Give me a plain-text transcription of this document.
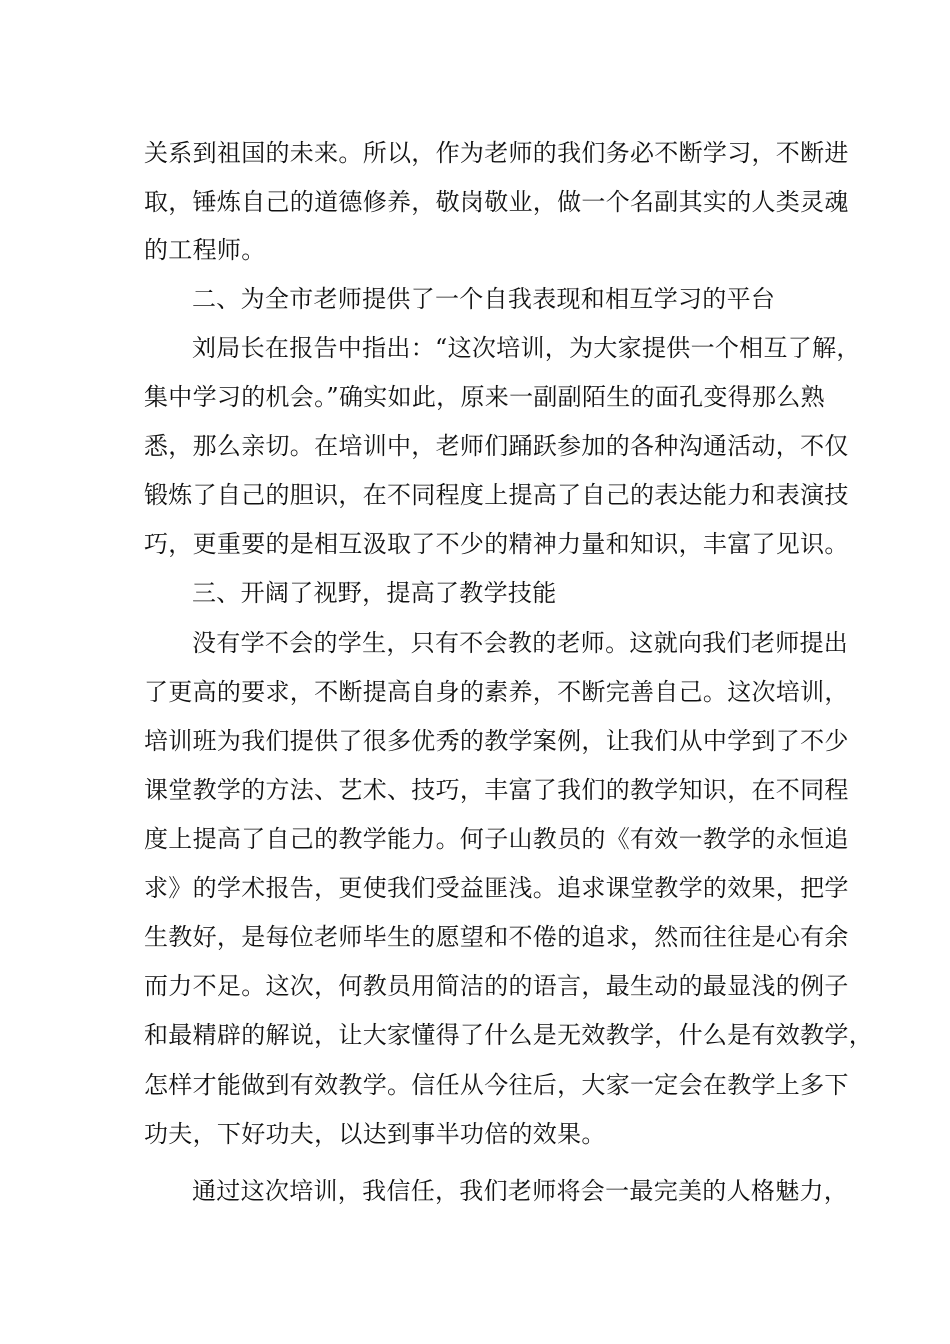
关系到祖国的未来。所以，作为老师的我们务必不断学习，不断进
取，锤炼自己的道德修养，敬岗敬业，做一个名副其实的人类灵魂
的工程师。
二、为全市老师提供了一个自我表现和相互学习的平台
刘局长在报告中指出：“这次培训，为大家提供一个相互了解，
集中学习的机会。”确实如此，原来一副副陌生的面孔变得那么熟
悉，那么亲切。在培训中，老师们踊跃参加的各种沟通活动，不仅
锻炼了自己的胆识，在不同程度上提高了自己的表达能力和表演技
巧，更重要的是相互汲取了不少的精神力量和知识，丰富了见识。
三、开阔了视野，提高了教学技能
没有学不会的学生，只有不会教的老师。这就向我们老师提出
了更高的要求，不断提高自身的素养，不断完善自己。这次培训，
培训班为我们提供了很多优秀的教学案例，让我们从中学到了不少
课堂教学的方法、艺术、技巧，丰富了我们的教学知识，在不同程
度上提高了自己的教学能力。何子山教员的《有效一教学的永恒追
求》的学术报告，更使我们受益匪浅。追求课堂教学的效果，把学
生教好，是每位老师毕生的愿望和不倦的追求，然而往往是心有余
而力不足。这次，何教员用简洁的的语言，最生动的最显浅的例子
和最精辟的解说，让大家懂得了什么是无效教学，什么是有效教学，
怎样才能做到有效教学。信任从今往后，大家一定会在教学上多下
功夫，下好功夫，以达到事半功倍的效果。
通过这次培训，我信任，我们老师将会一最完美的人格魅力，
